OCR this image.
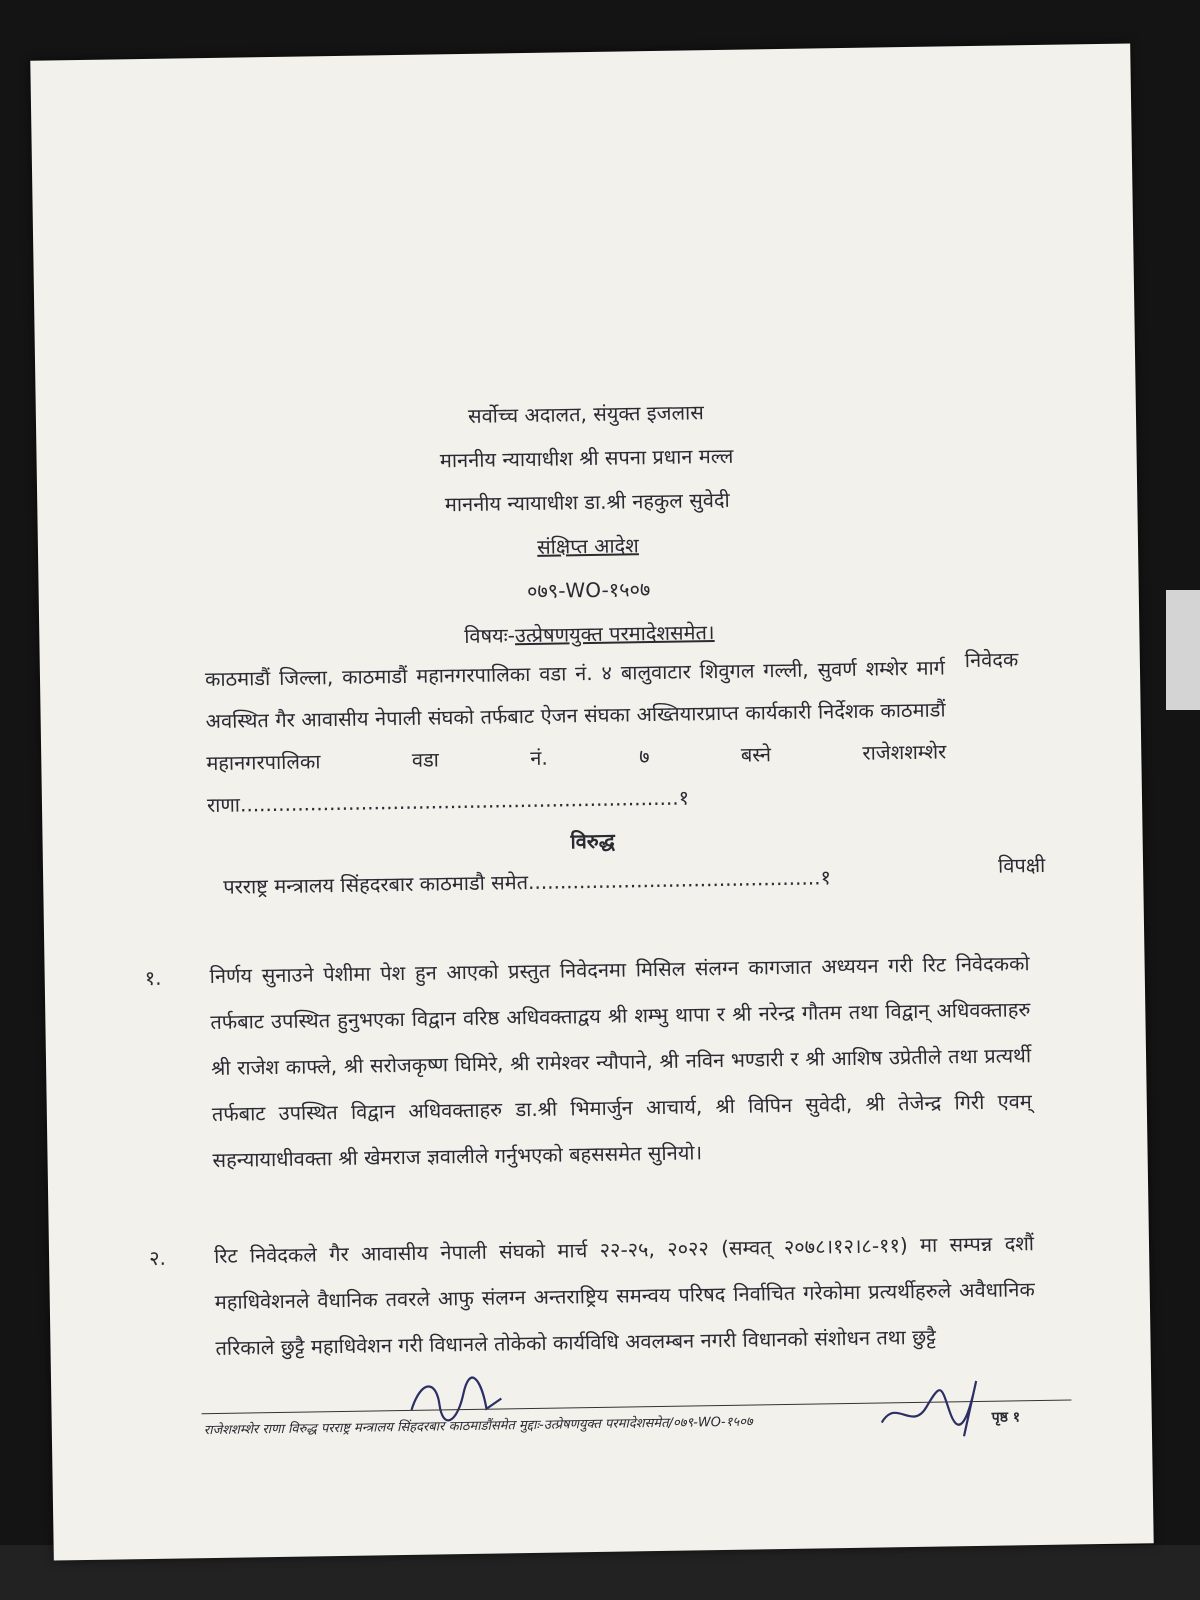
सर्वोच्च अदालत, संयुक्त इजलास
माननीय न्यायाधीश श्री सपना प्रधान मल्ल
माननीय न्यायाधीश डा.श्री नहकुल सुवेदी
संक्षिप्त आदेश
०७९-WO-१५०७
विषयः-उत्प्रेषणयुक्त परमादेशसमेत।
काठमाडौं जिल्ला, काठमाडौं महानगरपालिका वडा नं. ४ बालुवाटार शिवुगल गल्ली, सुवर्ण शम्शेर मार्ग अवस्थित गैर आवासीय नेपाली संघको तर्फबाट ऐजन संघका अख्तियारप्राप्त कार्यकारी निर्देशक काठमाडौं महानगरपालिका वडा नं. ७ बस्ने राजेशशम्शेर राणा.....................................................................१
निवेदक
विरुद्ध
परराष्ट्र मन्त्रालय सिंहदरबार काठमाडौ समेत..............................................१	विपक्षी
१. निर्णय सुनाउने पेशीमा पेश हुन आएको प्रस्तुत निवेदनमा मिसिल संलग्न कागजात अध्ययन गरी रिट निवेदकको तर्फबाट उपस्थित हुनुभएका विद्वान वरिष्ठ अधिवक्ताद्वय श्री शम्भु थापा र श्री नरेन्द्र गौतम तथा विद्वान् अधिवक्ताहरु श्री राजेश काफ्ले, श्री सरोजकृष्ण घिमिरे, श्री रामेश्वर न्यौपाने, श्री नविन भण्डारी र श्री आशिष उप्रेतीले तथा प्रत्यर्थी तर्फबाट उपस्थित विद्वान अधिवक्ताहरु डा.श्री भिमार्जुन आचार्य, श्री विपिन सुवेदी, श्री तेजेन्द्र गिरी एवम् सहन्यायाधीवक्ता श्री खेमराज ज्ञवालीले गर्नुभएको बहससमेत सुनियो।
२. रिट निवेदकले गैर आवासीय नेपाली संघको मार्च २२-२५, २०२२ (सम्वत् २०७८।१२।८-११) मा सम्पन्न दशौं महाधिवेशनले वैधानिक तवरले आफु संलग्न अन्तराष्ट्रिय समन्वय परिषद निर्वाचित गरेकोमा प्रत्यर्थीहरुले अवैधानिक तरिकाले छुट्टै महाधिवेशन गरी विधानले तोकेको कार्यविधि अवलम्बन नगरी विधानको संशोधन तथा छुट्टै
राजेशशम्शेर राणा विरुद्ध परराष्ट्र मन्त्रालय सिंहदरबार काठमाडौंसमेत मुद्दाः-उत्प्रेषणयुक्त परमादेशसमेत/०७९-WO-१५०७	पृष्ठ १
